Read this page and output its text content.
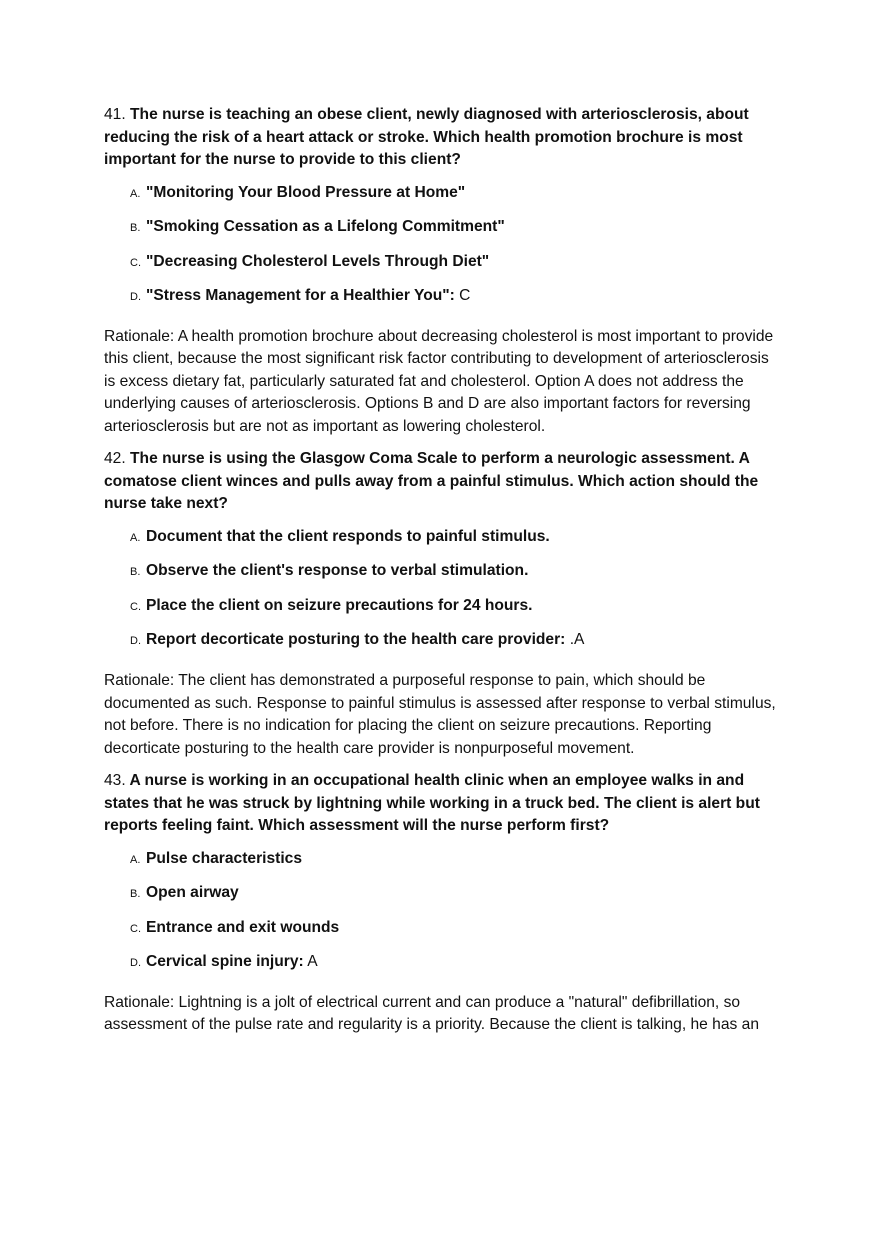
41. The nurse is teaching an obese client, newly diagnosed with arteriosclerosis, about reducing the risk of a heart attack or stroke. Which health promotion brochure is most important for the nurse to provide to this client?

A. "Monitoring Your Blood Pressure at Home"
B. "Smoking Cessation as a Lifelong Commitment"
C. "Decreasing Cholesterol Levels Through Diet"
D. "Stress Management for a Healthier You": C

Rationale: A health promotion brochure about decreasing cholesterol is most important to provide this client, because the most significant risk factor contributing to development of arteriosclerosis is excess dietary fat, particularly saturated fat and cholesterol. Option A does not address the underlying causes of arteriosclerosis. Options B and D are also important factors for reversing arteriosclerosis but are not as important as lowering cholesterol.

42. The nurse is using the Glasgow Coma Scale to perform a neurologic assessment. A comatose client winces and pulls away from a painful stimulus. Which action should the nurse take next?

A. Document that the client responds to painful stimulus.
B. Observe the client's response to verbal stimulation.
C. Place the client on seizure precautions for 24 hours.
D. Report decorticate posturing to the health care provider: .A

Rationale: The client has demonstrated a purposeful response to pain, which should be documented as such. Response to painful stimulus is assessed after response to verbal stimulus, not before. There is no indication for placing the client on seizure precautions. Reporting decorticate posturing to the health care provider is nonpurposeful movement.

43. A nurse is working in an occupational health clinic when an employee walks in and states that he was struck by lightning while working in a truck bed. The client is alert but reports feeling faint. Which assessment will the nurse perform first?

A. Pulse characteristics
B. Open airway
C. Entrance and exit wounds
D. Cervical spine injury: A

Rationale: Lightning is a jolt of electrical current and can produce a "natural" defibrillation, so assessment of the pulse rate and regularity is a priority. Because the client is talking, he has an
